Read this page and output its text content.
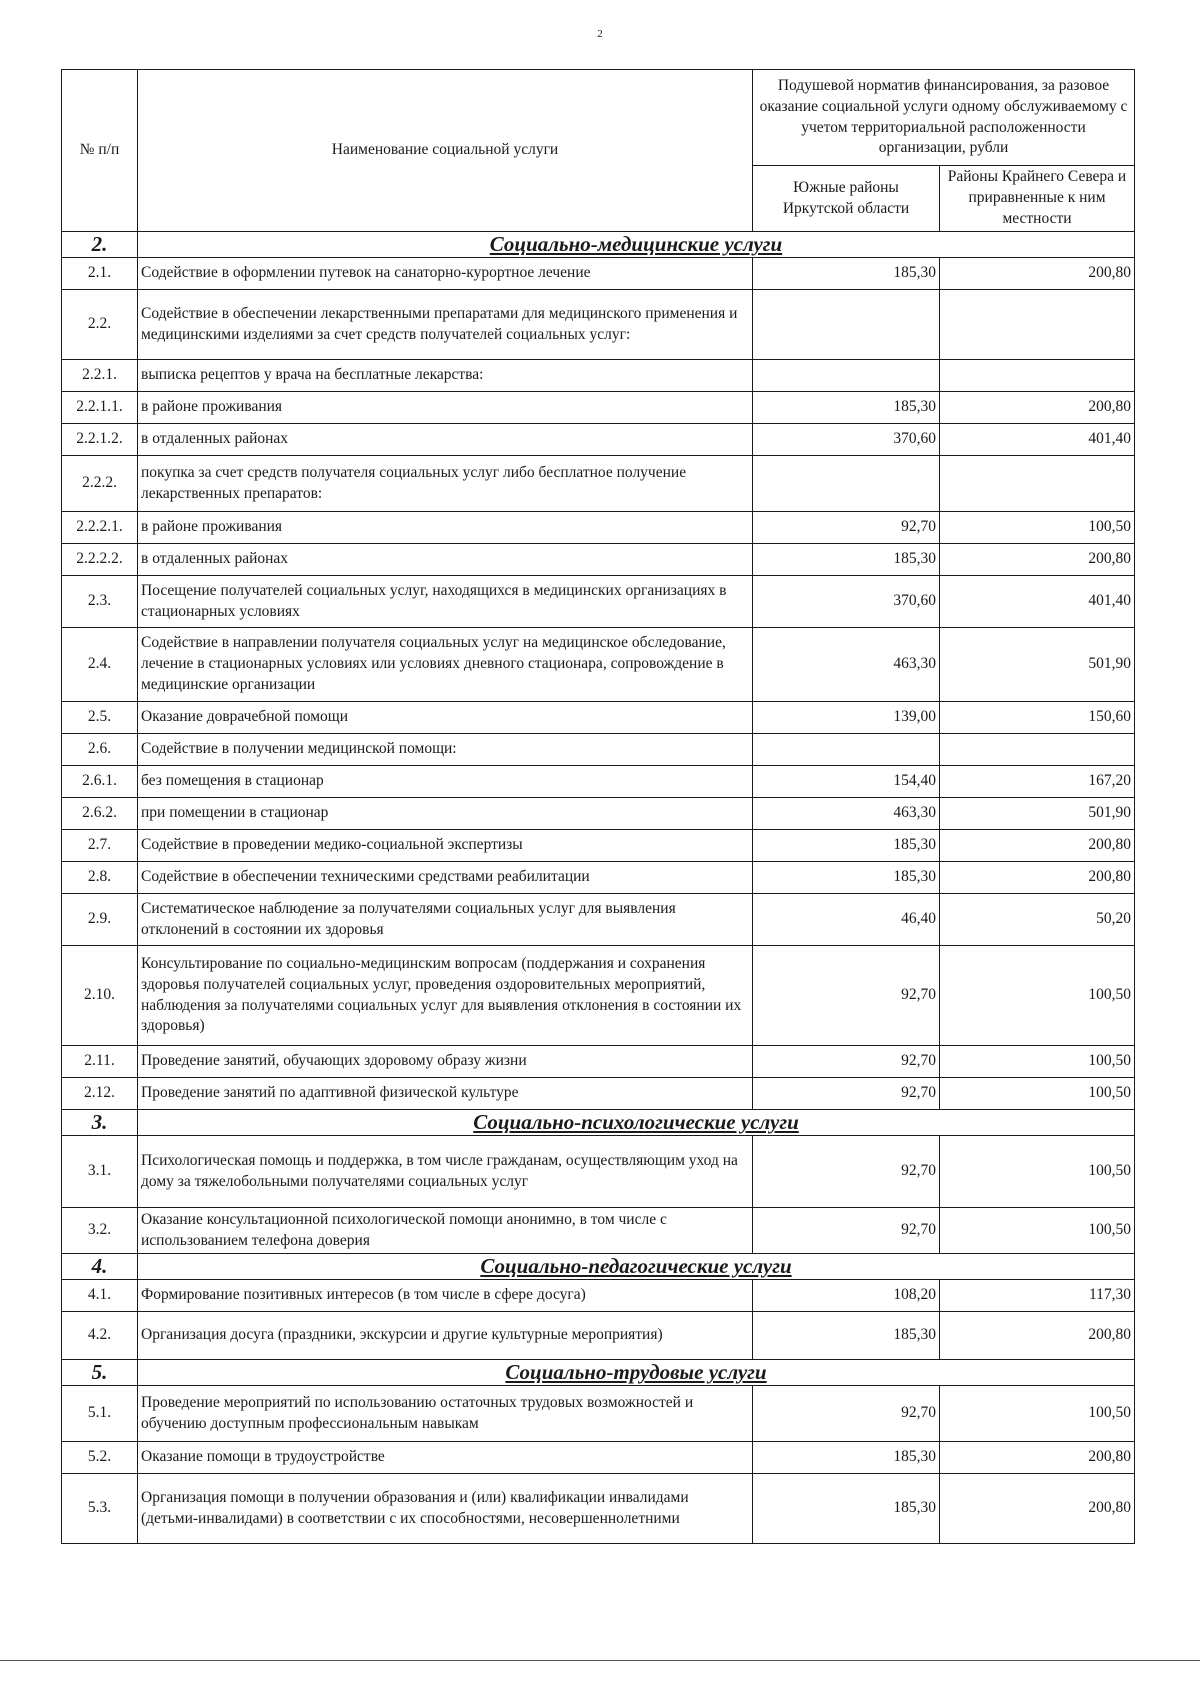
2
№ п/п	Наименование социальной услуги	Подушевой норматив финансирования, за разовое оказание социальной услуги одному обслуживаемому с учетом территориальной расположенности организации, рубли	
		Южные районы Иркутской области	Районы Крайнего Севера и приравненные к ним местности
2.	Социально-медицинские услуги		
2.1.	Содействие в оформлении путевок на санаторно-курортное лечение	185,30	200,80
2.2.	Содействие в обеспечении лекарственными препаратами для медицинского применения и медицинскими изделиями за счет средств получателей социальных услуг:		
2.2.1.	выписка рецептов у врача на бесплатные лекарства:		
2.2.1.1.	в районе проживания	185,30	200,80
2.2.1.2.	в отдаленных районах	370,60	401,40
2.2.2.	покупка за счет средств получателя социальных услуг либо бесплатное получение лекарственных препаратов:		
2.2.2.1.	в районе проживания	92,70	100,50
2.2.2.2.	в отдаленных районах	185,30	200,80
2.3.	Посещение получателей социальных услуг, находящихся в медицинских организациях в стационарных условиях	370,60	401,40
2.4.	Содействие в направлении получателя социальных услуг на медицинское обследование, лечение в стационарных условиях или условиях дневного стационара, сопровождение в медицинские организации	463,30	501,90
2.5.	Оказание доврачебной помощи	139,00	150,60
2.6.	Содействие в получении медицинской помощи:		
2.6.1.	без помещения в стационар	154,40	167,20
2.6.2.	при помещении в стационар	463,30	501,90
2.7.	Содействие в проведении медико-социальной экспертизы	185,30	200,80
2.8.	Содействие в обеспечении техническими средствами реабилитации	185,30	200,80
2.9.	Систематическое наблюдение за получателями социальных услуг для выявления отклонений в состоянии их здоровья	46,40	50,20
2.10.	Консультирование по социально-медицинским вопросам (поддержания и сохранения здоровья получателей социальных услуг, проведения оздоровительных мероприятий, наблюдения за получателями социальных услуг для выявления отклонения в состоянии их здоровья)	92,70	100,50
2.11.	Проведение занятий, обучающих здоровому образу жизни	92,70	100,50
2.12.	Проведение занятий по адаптивной физической культуре	92,70	100,50
3.	Социально-психологические услуги		
3.1.	Психологическая помощь и поддержка, в том числе гражданам, осуществляющим уход на дому за тяжелобольными получателями социальных услуг	92,70	100,50
3.2.	Оказание консультационной психологической помощи анонимно, в том числе с использованием телефона доверия	92,70	100,50
4.	Социально-педагогические услуги		
4.1.	Формирование позитивных интересов (в том числе в сфере досуга)	108,20	117,30
4.2.	Организация досуга (праздники, экскурсии и другие культурные мероприятия)	185,30	200,80
5.	Социально-трудовые услуги		
5.1.	Проведение мероприятий по использованию остаточных трудовых возможностей и обучению доступным профессиональным навыкам	92,70	100,50
5.2.	Оказание помощи в трудоустройстве	185,30	200,80
5.3.	Организация помощи в получении образования и (или) квалификации инвалидами (детьми-инвалидами) в соответствии с их способностями, несовершеннолетними	185,30	200,80
